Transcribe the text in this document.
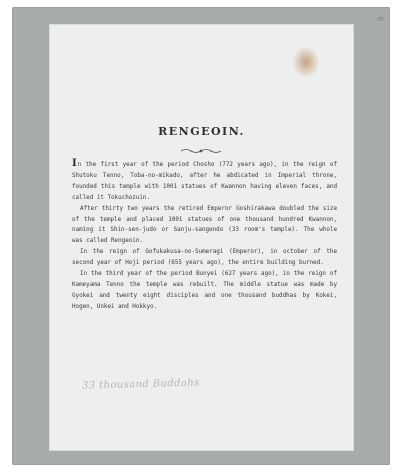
6
RENGEOIN.

In the first year of the period Chosho (772 years ago), in the reign of Shutoku Tenno, Toba-no-mikado, after he abdicated in Imperial throne, founded this temple with 1001 statues of Kwannon having eleven faces, and called it Tokuchozuin.

After thirty two years the retired Emperor Goshirakawa doubled the size of the temple and placed 1001 statues of one thousand hundred Kwannon, naming it Shin-sen-judo or Sanju-sangendo (33 room's temple). The whole was called Rengeoin.

In the reign of Gofukakusa-no-Sumeragi (Emperor), in october of the second year of Hoji period (655 years ago), the entire building burned.

In the third year of the period Bunyei (627 years ago), in the reign of Kameyama Tenno the temple was rebuilt. The middle statue was made by Gyokei and twenty eight disciples and one thousand buddhas by Kokei, Hogen, Unkei and Hokkyo.

33 thousand Buddahs
